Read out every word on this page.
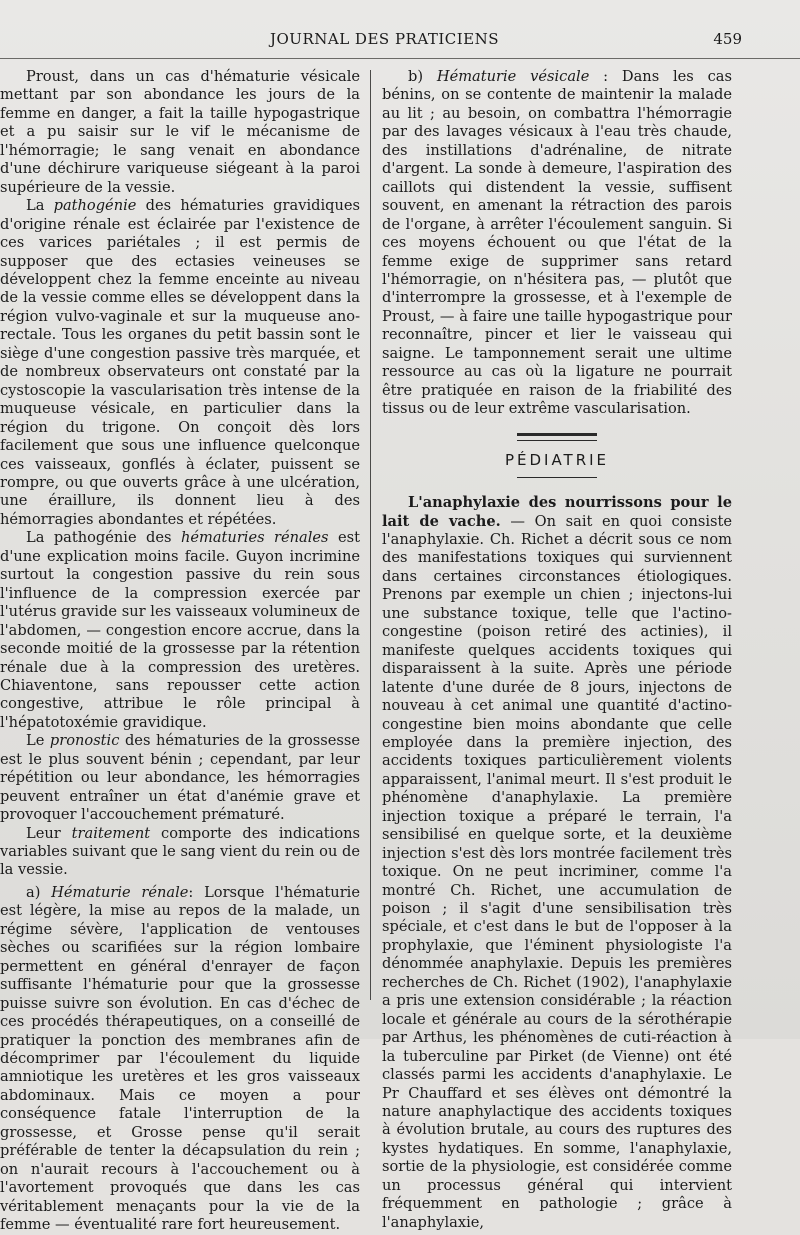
JOURNAL DES PRATICIENS	459

Proust, dans un cas d'hématurie vésicale mettant par son abondance les jours de la femme en danger, a fait la taille hypogastrique et a pu saisir sur le vif le mécanisme de l'hémorragie; le sang venait en abondance d'une déchirure variqueuse siégeant à la paroi supérieure de la vessie.

La pathogénie des hématuries gravidiques d'origine rénale est éclairée par l'existence de ces varices pariétales ; il est permis de supposer que des ectasies veineuses se développent chez la femme enceinte au niveau de la vessie comme elles se développent dans la région vulvo-vaginale et sur la muqueuse ano-rectale. Tous les organes du petit bassin sont le siège d'une congestion passive très marquée, et de nombreux observateurs ont constaté par la cystoscopie la vascularisation très intense de la muqueuse vésicale, en particulier dans la région du trigone. On conçoit dès lors facilement que sous une influence quelconque ces vaisseaux, gonflés à éclater, puissent se rompre, ou que ouverts grâce à une ulcération, une éraillure, ils donnent lieu à des hémorragies abondantes et répétées.

La pathogénie des hématuries rénales est d'une explication moins facile. Guyon incrimine surtout la congestion passive du rein sous l'influence de la compression exercée par l'utérus gravide sur les vaisseaux volumineux de l'abdomen, — congestion encore accrue, dans la seconde moitié de la grossesse par la rétention rénale due à la compression des uretères. Chiaventone, sans repousser cette action congestive, attribue le rôle principal à l'hépatotoxémie gravidique.

Le pronostic des hématuries de la grossesse est le plus souvent bénin ; cependant, par leur répétition ou leur abondance, les hémorragies peuvent entraîner un état d'anémie grave et provoquer l'accouchement prématuré.

Leur traitement comporte des indications variables suivant que le sang vient du rein ou de la vessie.

a) Hématurie rénale: Lorsque l'hématurie est légère, la mise au repos de la malade, un régime sévère, l'application de ventouses sèches ou scarifiées sur la région lombaire permettent en général d'enrayer de façon suffisante l'hématurie pour que la grossesse puisse suivre son évolution. En cas d'échec de ces procédés thérapeutiques, on a conseillé de pratiquer la ponction des membranes afin de décomprimer par l'écoulement du liquide amniotique les uretères et les gros vaisseaux abdominaux. Mais ce moyen a pour conséquence fatale l'interruption de la grossesse, et Grosse pense qu'il serait préférable de tenter la décapsulation du rein ; on n'aurait recours à l'accouchement ou à l'avortement provoqués que dans les cas véritablement menaçants pour la vie de la femme — éventualité rare fort heureusement.

b) Hématurie vésicale : Dans les cas bénins, on se contente de maintenir la malade au lit ; au besoin, on combattra l'hémorragie par des lavages vésicaux à l'eau très chaude, des instillations d'adrénaline, de nitrate d'argent. La sonde à demeure, l'aspiration des caillots qui distendent la vessie, suffisent souvent, en amenant la rétraction des parois de l'organe, à arrêter l'écoulement sanguin. Si ces moyens échouent ou que l'état de la femme exige de supprimer sans retard l'hémorragie, on n'hésitera pas, — plutôt que d'interrompre la grossesse, et à l'exemple de Proust, — à faire une taille hypogastrique pour reconnaître, pincer et lier le vaisseau qui saigne. Le tamponnement serait une ultime ressource au cas où la ligature ne pourrait être pratiquée en raison de la friabilité des tissus ou de leur extrême vascularisation.

PÉDIATRIE

L'anaphylaxie des nourrissons pour le lait de vache. — On sait en quoi consiste l'anaphylaxie. Ch. Richet a décrit sous ce nom des manifestations toxiques qui surviennent dans certaines circonstances étiologiques. Prenons par exemple un chien ; injectons-lui une substance toxique, telle que l'actino-congestine (poison retiré des actinies), il manifeste quelques accidents toxiques qui disparaissent à la suite. Après une période latente d'une durée de 8 jours, injectons de nouveau à cet animal une quantité d'actino-congestine bien moins abondante que celle employée dans la première injection, des accidents toxiques particulièrement violents apparaissent, l'animal meurt. Il s'est produit le phénomène d'anaphylaxie. La première injection toxique a préparé le terrain, l'a sensibilisé en quelque sorte, et la deuxième injection s'est dès lors montrée facilement très toxique. On ne peut incriminer, comme l'a montré Ch. Richet, une accumulation de poison ; il s'agit d'une sensibilisation très spéciale, et c'est dans le but de l'opposer à la prophylaxie, que l'éminent physiologiste l'a dénommée anaphylaxie. Depuis les premières recherches de Ch. Richet (1902), l'anaphylaxie a pris une extension considérable ; la réaction locale et générale au cours de la sérothérapie par Arthus, les phénomènes de cuti-réaction à la tuberculine par Pirket (de Vienne) ont été classés parmi les accidents d'anaphylaxie. Le Pr Chauffard et ses élèves ont démontré la nature anaphylactique des accidents toxiques à évolution brutale, au cours des ruptures des kystes hydatiques. En somme, l'anaphylaxie, sortie de la physiologie, est considérée comme un processus général qui intervient fréquemment en pathologie ; grâce à l'anaphylaxie,
